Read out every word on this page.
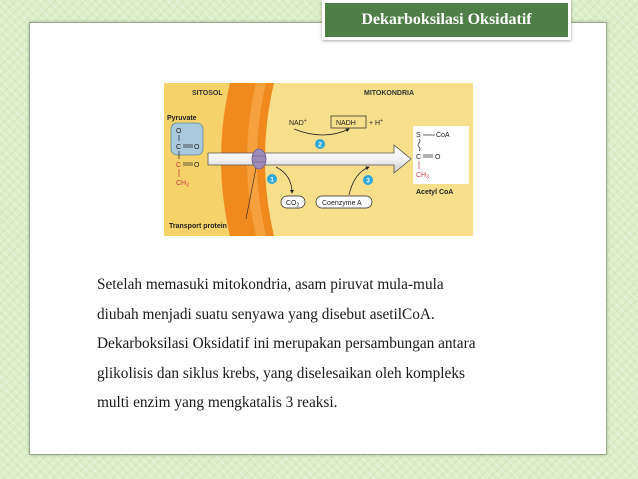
Dekarboksilasi Oksidatif
SITOSOL	MITOKONDRIA
Pyruvate
O
C O
C O
$CH_3$
Transport protein
NAD+	NADH + H+
$CO_2$	Coenzyme A
1
2
3
S CoA
C O
$CH_3$
Acetyl CoA

Setelah memasuki mitokondria, asam piruvat mula-mula
diubah menjadi suatu senyawa yang disebut asetilCoA.
Dekarboksilasi Oksidatif ini merupakan persambungan antara
glikolisis dan siklus krebs, yang diselesaikan oleh kompleks
multi enzim yang mengkatalis 3 reaksi.
